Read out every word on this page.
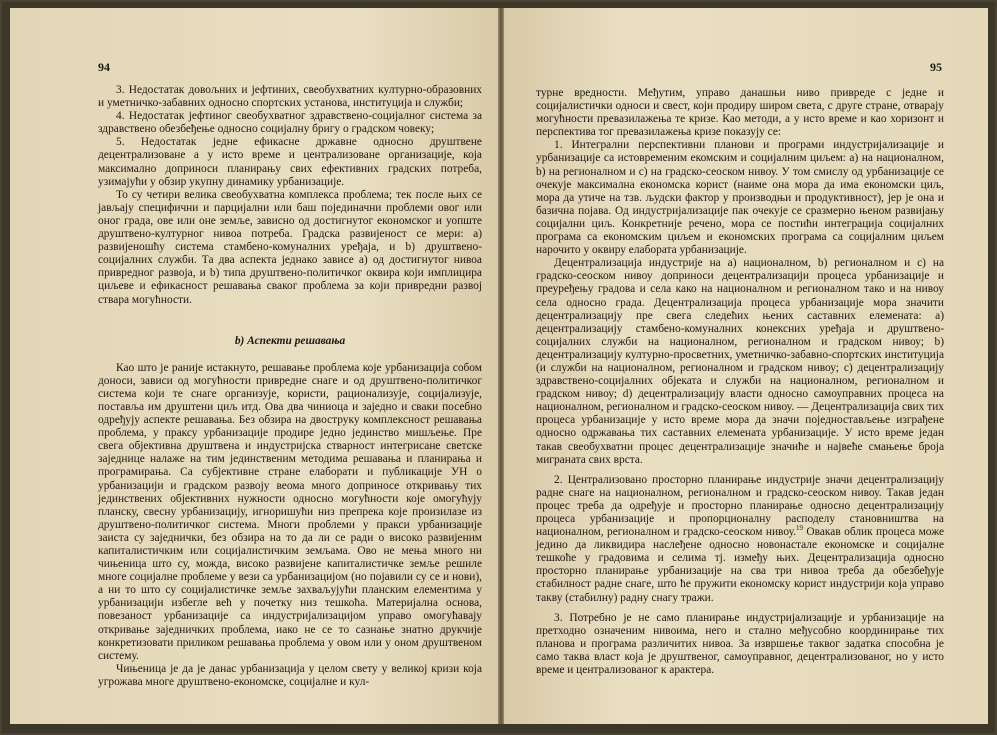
94

3. Недостатак довољних и јефтиних, свеобухватних културно-образовних и уметничко-забавних односно спортских установа, институција и служби;

4. Недостатак јефтиног свеобухватног здравствено-социјалног система за здравствено обезбеђење односно социјалну бригу о градском човеку;

5. Недостатак једне ефикасне државне односно друштвене децентрализоване а у исто време и централизоване организације, која максимално доприноси планирању свих ефективних градских потреба, узимајући у обзир укупну динамику урбанизације.

То су четири велика свеобухватна комплекса проблема; тек после њих се јављају специфични и парцијални или баш појединачни проблеми овог или оног града, ове или оне земље, зависно од достигнутог економског и уопште друштвено-културног нивоа потреба. Градска развијеност се мери: а) развијеношћу система стамбено-комуналних уређаја, и b) друштвено-социјалних служби. Та два аспекта једнако зависе а) од достигнутог нивоа привредног развоја, и b) типа друштвено-политичког оквира који имплицира циљеве и ефикасност решавања сваког проблема за који привредни развој ствара могућности.

b) Аспекти решавања

Као што је раније истакнуто, решавање проблема које урбанизација собом доноси, зависи од могућности привредне снаге и од друштвено-политичког система који те снаге организује, користи, рационализује, социјализује, поставља им друштени циљ итд. Ова два чиниоца и заједно и сваки посебно одређују аспекте решавања. Без обзира на двоструку комплексност решавања проблема, у праксу урбанизације продире једно јединство мишљење. Пре свега објективна друштвена и индустријска стварност интегрисане светске заједнице налаже на тим јединственим методима решавања и планирања и програмирања. Са субјективне стране елаборати и публикације УН о урбанизацији и градском развоју веома много доприносе откривању тих јединствених објективних нужности односно могућности које омогућују планску, свесну урбанизацију, игноришући низ препрека које произилазе из друштвено-политичког система. Многи проблеми у пракси урбанизације заиста су заједнички, без обзира на то да ли се ради о високо развијеним капиталистичким или социјалистичким земљама. Ово не мења много ни чињеница што су, можда, високо развијене капиталистичке земље решиле многе социјалне проблеме у вези са урбанизацијом (но појавили су се и нови), а ни то што су социјалистичке земље захваљујући планским елементима у урбанизацији избегле већ у почетку низ тешкоћа. Материјална основа, повезаност урбанизације са индустријализацијом управо омогућавају откривање заједничких проблема, иако не се то сазнање знатно друкчије конкретизовати приликом решавања проблема у овом или у оном друштвеном систему.

Чињеница је да је данас урбанизација у целом свету у великој кризи која угрожава многе друштвено-економске, социјалне и кул-

95

турне вредности. Међутим, управо данашњи ниво привреде с једне и социјалистички односи и свест, који продиру широм света, с друге стране, отварају могућности превазилажења те кризе. Као методи, а у исто време и као хоризонт и перспектива тог превазилажења кризе показују се:

1. Интегрални перспективни планови и програми индустријализације и урбанизације са истовременим екомским и социјалним циљем: а) на националном, b) на регионалном и c) на градско-сеоском нивоу. У том смислу од урбанизације се очекује максимална економска корист (наиме она мора да има економски циљ, мора да утиче на тзв. људски фактор у производњи и продуктивност), јер је она и базична појава. Од индустријализације пак очекује се сразмерно њеном развијању социјални циљ. Конкретније речено, мора се постићи интеграција социјалних програма са економским циљем и економских програма са социјалним циљем нарочито у оквиру елабората урбанизације.

Децентрализација индустрије на а) националном, b) регионалном и c) на градско-сеоском нивоу доприноси децентрализацији процеса урбанизације и преуређењу градова и села како на националном и регионалном тако и на нивоу села односно града. Децентрализација процеса урбанизације мора значити децентрализацију пре свега следећих њених саставних елемената: а) децентрализацију стамбено-комуналних конексних уређаја и друштвено-социјалних служби на националном, регионалном и градском нивоу; b) децентрализацију културно-просветних, уметничко-забавно-спортских институција (и служби на националном, регионалном и градском нивоу; c) децентрализацију здравствено-социјалних објеката и служби на националном, регионалном и градском нивоу; d) децентрализацију власти односно самоуправних процеса на националном, регионалном и градско-сеоском нивоу. — Децентрализација свих тих процеса урбанизације у исто време мора да значи поједностављење изграђене односно одржавања тих саставних елемената урбанизације. У исто време један такав свеобухватни процес децентрализације значиће и највеће смањење броја миграната свих врста.

2. Централизовано просторно планирање индустрије значи децентрализацију радне снаге на националном, регионалном и градско-сеоском нивоу. Такав један процес треба да одређује и просторно планирање односно децентрализацију процеса урбанизације и пропорционалну расподелу становништва на националном, регионалном и градско-сеоском нивоу.$^{19}$ Овакав облик процеса може једино да ликвидира наслеђене односно новонастале економске и социјалне тешкоће у градовима и селима тј. између њих. Децентрализација односно просторно планирање урбанизације на сва три нивоа треба да обезбеђује стабилност радне снаге, што ће пружити економску корист индустрији која управо такву (стабилну) радну снагу тражи.

3. Потребно је не само планирање индустријализације и урбанизације на претходно означеним нивоима, него и стално међусобно координирање тих планова и програма различитих нивоа. За извршење таквог задатка способна је само таква власт која је друштвеног, самоуправног, децентрализованог, но у исто време и централизованог к арактера.
